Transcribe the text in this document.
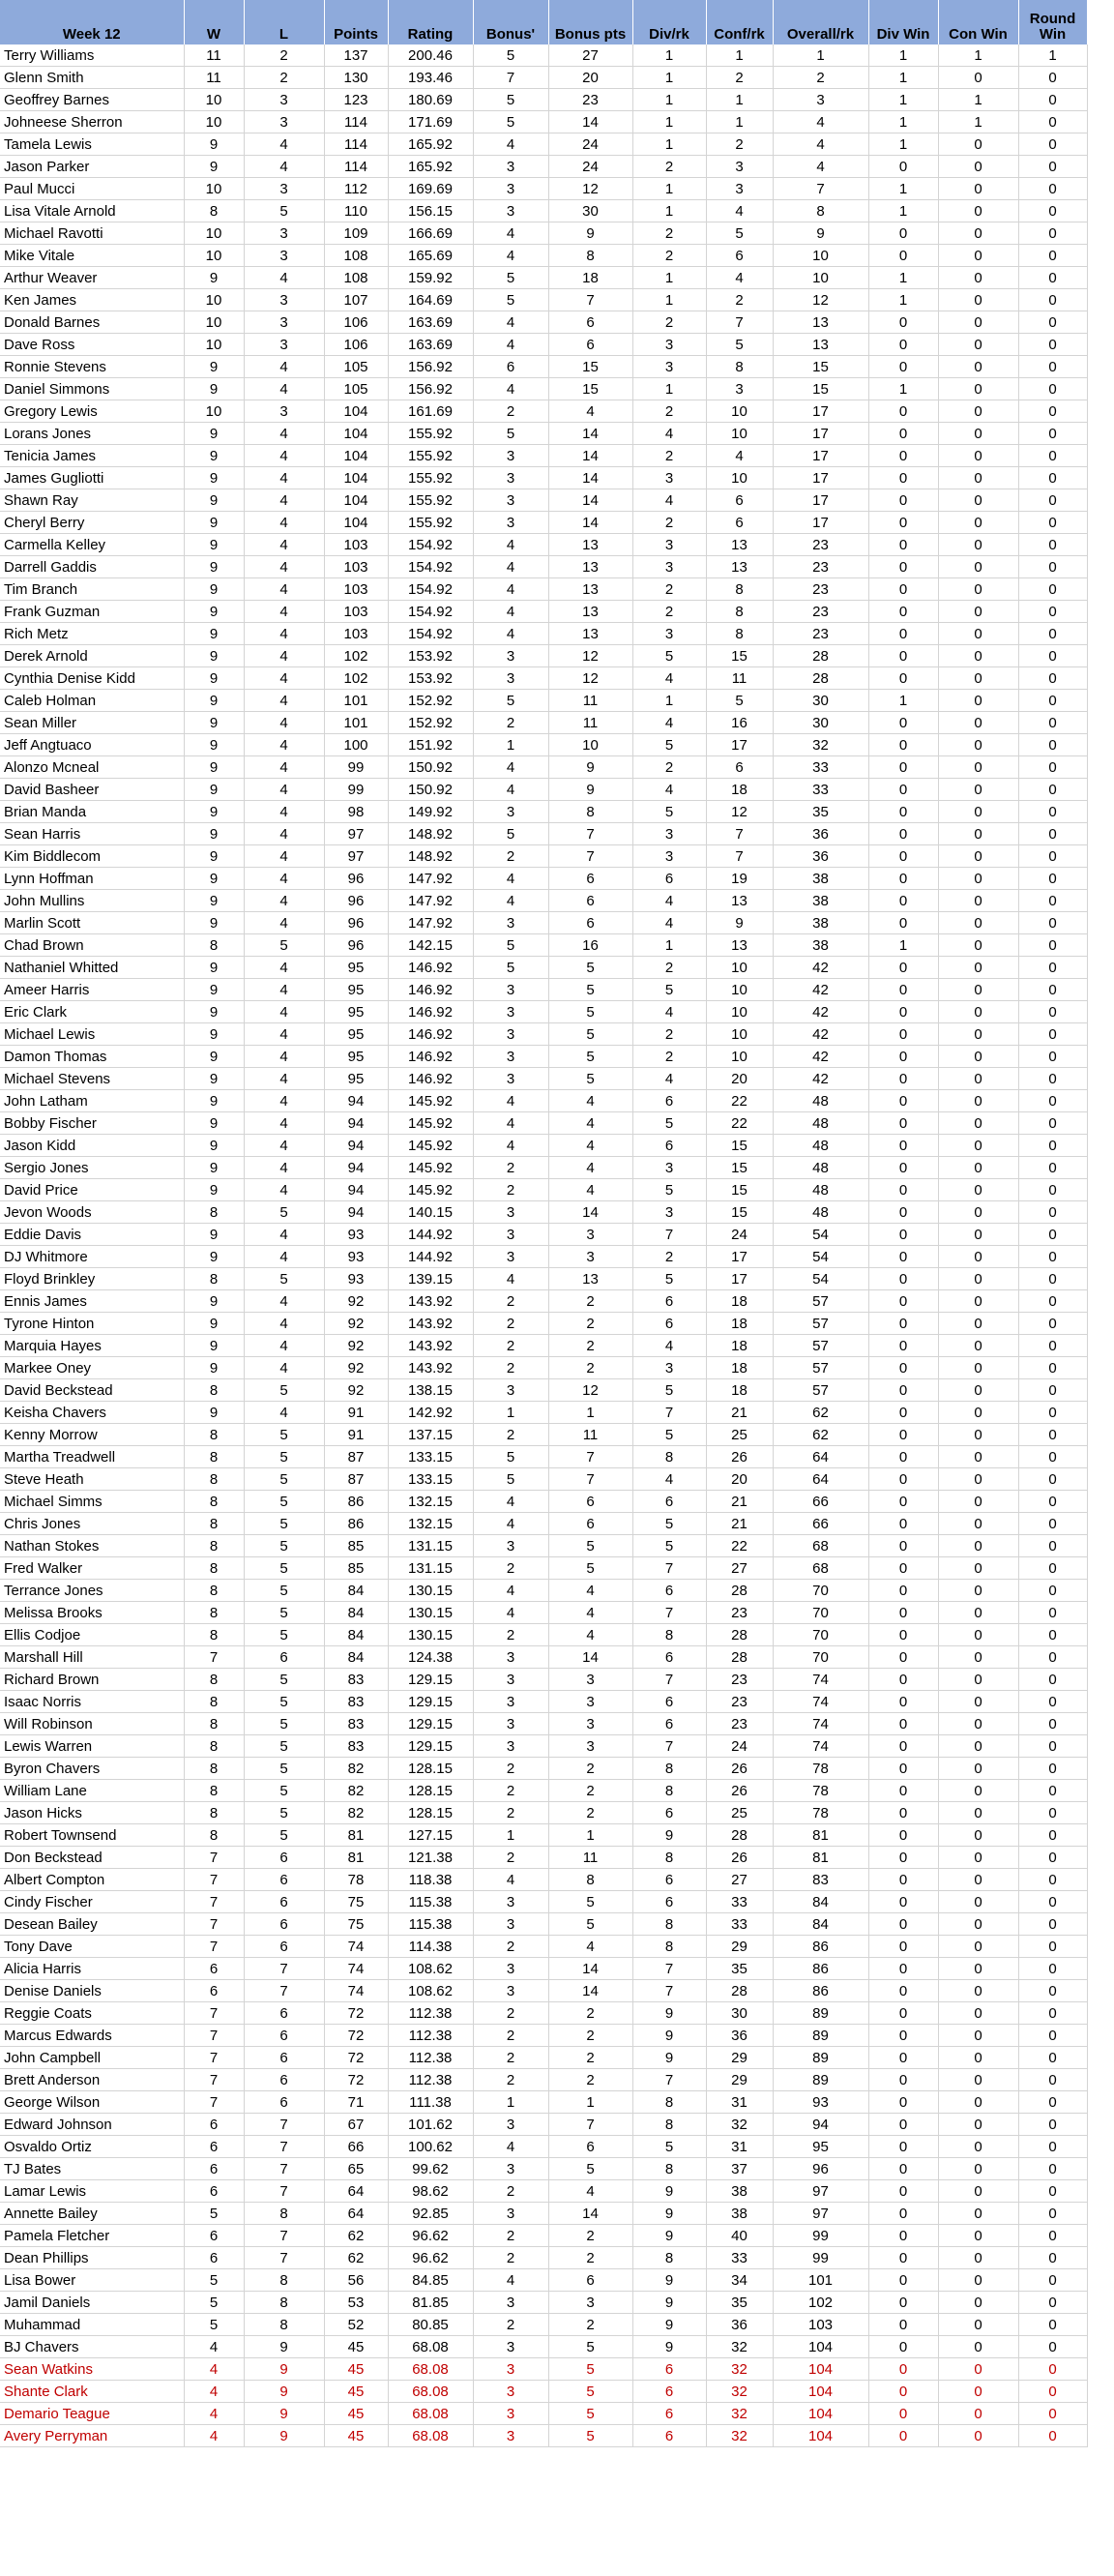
Week 12	W	L	Points	Rating	Bonus'	Bonus pts	Div/rk	Conf/rk	Overall/rk	Div Win	Con Win	Round Win
Terry Williams	11	2	137	200.46	5	27	1	1	1	1	1	1
Glenn Smith	11	2	130	193.46	7	20	1	2	2	1	0	0
Geoffrey Barnes	10	3	123	180.69	5	23	1	1	3	1	1	0
Johneese Sherron	10	3	114	171.69	5	14	1	1	4	1	1	0
Tamela Lewis	9	4	114	165.92	4	24	1	2	4	1	0	0
Jason Parker	9	4	114	165.92	3	24	2	3	4	0	0	0
Paul Mucci	10	3	112	169.69	3	12	1	3	7	1	0	0
Lisa Vitale Arnold	8	5	110	156.15	3	30	1	4	8	1	0	0
Michael Ravotti	10	3	109	166.69	4	9	2	5	9	0	0	0
Mike Vitale	10	3	108	165.69	4	8	2	6	10	0	0	0
Arthur Weaver	9	4	108	159.92	5	18	1	4	10	1	0	0
Ken James	10	3	107	164.69	5	7	1	2	12	1	0	0
Donald Barnes	10	3	106	163.69	4	6	2	7	13	0	0	0
Dave Ross	10	3	106	163.69	4	6	3	5	13	0	0	0
Ronnie Stevens	9	4	105	156.92	6	15	3	8	15	0	0	0
Daniel Simmons	9	4	105	156.92	4	15	1	3	15	1	0	0
Gregory Lewis	10	3	104	161.69	2	4	2	10	17	0	0	0
Lorans Jones	9	4	104	155.92	5	14	4	10	17	0	0	0
Tenicia James	9	4	104	155.92	3	14	2	4	17	0	0	0
James Gugliotti	9	4	104	155.92	3	14	3	10	17	0	0	0
Shawn Ray	9	4	104	155.92	3	14	4	6	17	0	0	0
Cheryl Berry	9	4	104	155.92	3	14	2	6	17	0	0	0
Carmella Kelley	9	4	103	154.92	4	13	3	13	23	0	0	0
Darrell Gaddis	9	4	103	154.92	4	13	3	13	23	0	0	0
Tim Branch	9	4	103	154.92	4	13	2	8	23	0	0	0
Frank Guzman	9	4	103	154.92	4	13	2	8	23	0	0	0
Rich Metz	9	4	103	154.92	4	13	3	8	23	0	0	0
Derek Arnold	9	4	102	153.92	3	12	5	15	28	0	0	0
Cynthia Denise Kidd	9	4	102	153.92	3	12	4	11	28	0	0	0
Caleb Holman	9	4	101	152.92	5	11	1	5	30	1	0	0
Sean Miller	9	4	101	152.92	2	11	4	16	30	0	0	0
Jeff Angtuaco	9	4	100	151.92	1	10	5	17	32	0	0	0
Alonzo Mcneal	9	4	99	150.92	4	9	2	6	33	0	0	0
David Basheer	9	4	99	150.92	4	9	4	18	33	0	0	0
Brian Manda	9	4	98	149.92	3	8	5	12	35	0	0	0
Sean Harris	9	4	97	148.92	5	7	3	7	36	0	0	0
Kim Biddlecom	9	4	97	148.92	2	7	3	7	36	0	0	0
Lynn Hoffman	9	4	96	147.92	4	6	6	19	38	0	0	0
John Mullins	9	4	96	147.92	4	6	4	13	38	0	0	0
Marlin Scott	9	4	96	147.92	3	6	4	9	38	0	0	0
Chad Brown	8	5	96	142.15	5	16	1	13	38	1	0	0
Nathaniel Whitted	9	4	95	146.92	5	5	2	10	42	0	0	0
Ameer Harris	9	4	95	146.92	3	5	5	10	42	0	0	0
Eric Clark	9	4	95	146.92	3	5	4	10	42	0	0	0
Michael Lewis	9	4	95	146.92	3	5	2	10	42	0	0	0
Damon Thomas	9	4	95	146.92	3	5	2	10	42	0	0	0
Michael Stevens	9	4	95	146.92	3	5	4	20	42	0	0	0
John Latham	9	4	94	145.92	4	4	6	22	48	0	0	0
Bobby Fischer	9	4	94	145.92	4	4	5	22	48	0	0	0
Jason Kidd	9	4	94	145.92	4	4	6	15	48	0	0	0
Sergio Jones	9	4	94	145.92	2	4	3	15	48	0	0	0
David Price	9	4	94	145.92	2	4	5	15	48	0	0	0
Jevon Woods	8	5	94	140.15	3	14	3	15	48	0	0	0
Eddie Davis	9	4	93	144.92	3	3	7	24	54	0	0	0
DJ Whitmore	9	4	93	144.92	3	3	2	17	54	0	0	0
Floyd Brinkley	8	5	93	139.15	4	13	5	17	54	0	0	0
Ennis James	9	4	92	143.92	2	2	6	18	57	0	0	0
Tyrone Hinton	9	4	92	143.92	2	2	6	18	57	0	0	0
Marquia Hayes	9	4	92	143.92	2	2	4	18	57	0	0	0
Markee Oney	9	4	92	143.92	2	2	3	18	57	0	0	0
David Beckstead	8	5	92	138.15	3	12	5	18	57	0	0	0
Keisha Chavers	9	4	91	142.92	1	1	7	21	62	0	0	0
Kenny Morrow	8	5	91	137.15	2	11	5	25	62	0	0	0
Martha Treadwell	8	5	87	133.15	5	7	8	26	64	0	0	0
Steve Heath	8	5	87	133.15	5	7	4	20	64	0	0	0
Michael Simms	8	5	86	132.15	4	6	6	21	66	0	0	0
Chris Jones	8	5	86	132.15	4	6	5	21	66	0	0	0
Nathan Stokes	8	5	85	131.15	3	5	5	22	68	0	0	0
Fred Walker	8	5	85	131.15	2	5	7	27	68	0	0	0
Terrance Jones	8	5	84	130.15	4	4	6	28	70	0	0	0
Melissa Brooks	8	5	84	130.15	4	4	7	23	70	0	0	0
Ellis Codjoe	8	5	84	130.15	2	4	8	28	70	0	0	0
Marshall Hill	7	6	84	124.38	3	14	6	28	70	0	0	0
Richard Brown	8	5	83	129.15	3	3	7	23	74	0	0	0
Isaac Norris	8	5	83	129.15	3	3	6	23	74	0	0	0
Will Robinson	8	5	83	129.15	3	3	6	23	74	0	0	0
Lewis Warren	8	5	83	129.15	3	3	7	24	74	0	0	0
Byron Chavers	8	5	82	128.15	2	2	8	26	78	0	0	0
William Lane	8	5	82	128.15	2	2	8	26	78	0	0	0
Jason Hicks	8	5	82	128.15	2	2	6	25	78	0	0	0
Robert Townsend	8	5	81	127.15	1	1	9	28	81	0	0	0
Don Beckstead	7	6	81	121.38	2	11	8	26	81	0	0	0
Albert Compton	7	6	78	118.38	4	8	6	27	83	0	0	0
Cindy Fischer	7	6	75	115.38	3	5	6	33	84	0	0	0
Desean Bailey	7	6	75	115.38	3	5	8	33	84	0	0	0
Tony Dave	7	6	74	114.38	2	4	8	29	86	0	0	0
Alicia Harris	6	7	74	108.62	3	14	7	35	86	0	0	0
Denise Daniels	6	7	74	108.62	3	14	7	28	86	0	0	0
Reggie Coats	7	6	72	112.38	2	2	9	30	89	0	0	0
Marcus Edwards	7	6	72	112.38	2	2	9	36	89	0	0	0
John Campbell	7	6	72	112.38	2	2	9	29	89	0	0	0
Brett Anderson	7	6	72	112.38	2	2	7	29	89	0	0	0
George Wilson	7	6	71	111.38	1	1	8	31	93	0	0	0
Edward Johnson	6	7	67	101.62	3	7	8	32	94	0	0	0
Osvaldo Ortiz	6	7	66	100.62	4	6	5	31	95	0	0	0
TJ Bates	6	7	65	99.62	3	5	8	37	96	0	0	0
Lamar Lewis	6	7	64	98.62	2	4	9	38	97	0	0	0
Annette Bailey	5	8	64	92.85	3	14	9	38	97	0	0	0
Pamela Fletcher	6	7	62	96.62	2	2	9	40	99	0	0	0
Dean Phillips	6	7	62	96.62	2	2	8	33	99	0	0	0
Lisa Bower	5	8	56	84.85	4	6	9	34	101	0	0	0
Jamil Daniels	5	8	53	81.85	3	3	9	35	102	0	0	0
Muhammad	5	8	52	80.85	2	2	9	36	103	0	0	0
BJ Chavers	4	9	45	68.08	3	5	9	32	104	0	0	0
Sean Watkins	4	9	45	68.08	3	5	6	32	104	0	0	0
Shante Clark	4	9	45	68.08	3	5	6	32	104	0	0	0
Demario Teague	4	9	45	68.08	3	5	6	32	104	0	0	0
Avery Perryman	4	9	45	68.08	3	5	6	32	104	0	0	0
